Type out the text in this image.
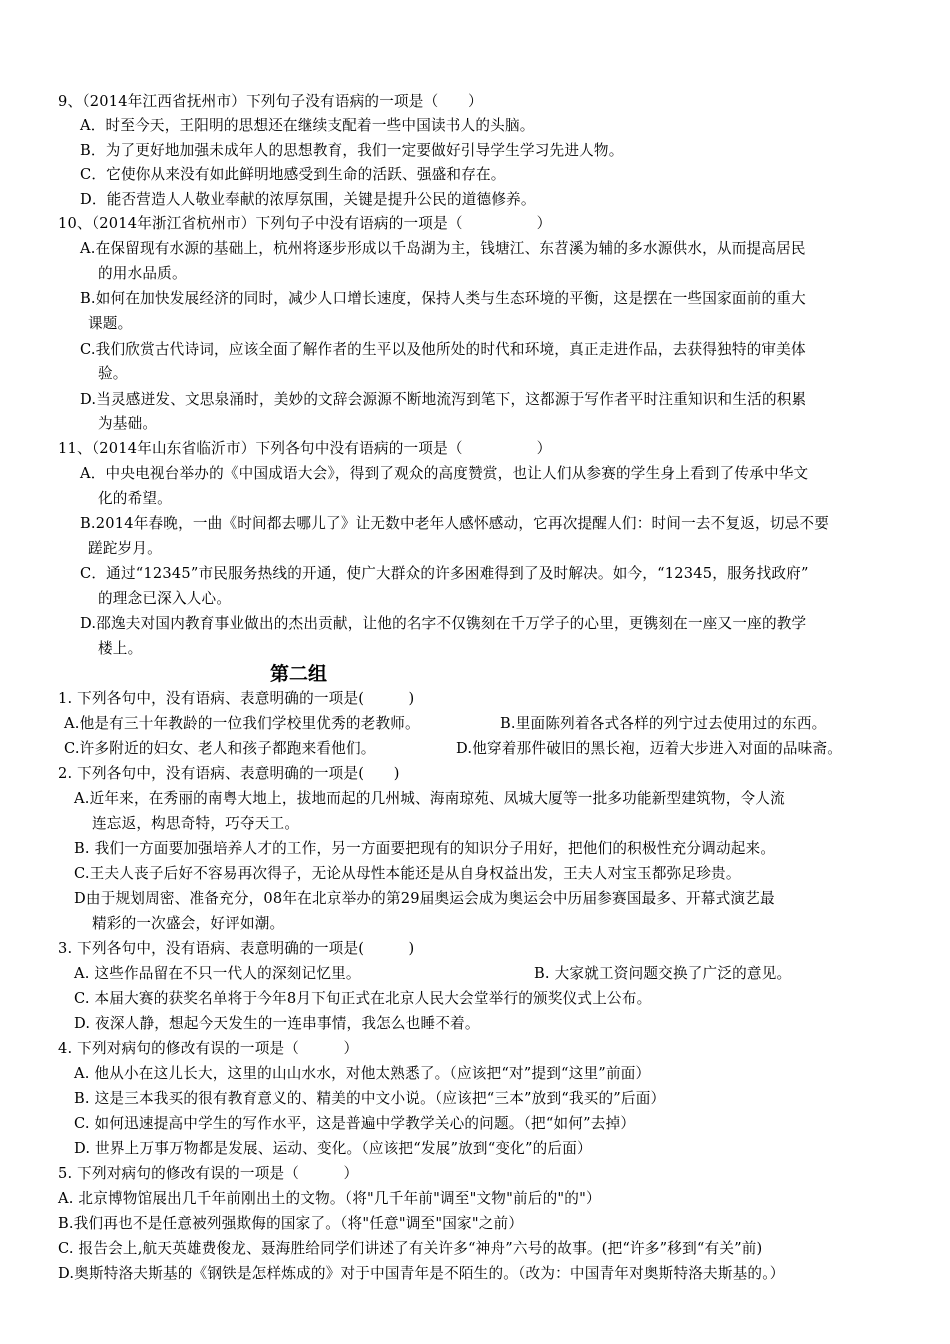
第二组
9、（2014年江西省抚州市）下列句子没有语病的一项是（　　）
A．时至今天，王阳明的思想还在继续支配着一些中国读书人的头脑。
B．为了更好地加强未成年人的思想教育，我们一定要做好引导学生学习先进人物。
C．它使你从来没有如此鲜明地感受到生命的活跃、强盛和存在。
D．能否营造人人敬业奉献的浓厚氛围，关键是提升公民的道德修养。
10、（2014年浙江省杭州市）下列句子中没有语病的一项是（　　　　　）
A.在保留现有水源的基础上，杭州将逐步形成以千岛湖为主，钱塘江、东苕溪为辅的多水源供水，从而提高居民
的用水品质。
B.如何在加快发展经济的同时，减少人口增长速度，保持人类与生态环境的平衡，这是摆在一些国家面前的重大
课题。
C.我们欣赏古代诗词，应该全面了解作者的生平以及他所处的时代和环境，真正走进作品，去获得独特的审美体
验。
D.当灵感迸发、文思泉涌时，美妙的文辞会源源不断地流泻到笔下，这都源于写作者平时注重知识和生活的积累
为基础。
11、（2014年山东省临沂市）下列各句中没有语病的一项是（　　　　　）
A．中央电视台举办的《中国成语大会》，得到了观众的高度赞赏，也让人们从参赛的学生身上看到了传承中华文
化的希望。
B.2014年春晚，一曲《时间都去哪儿了》让无数中老年人感怀感动，它再次提醒人们：时间一去不复返，切忌不要
蹉跎岁月。
C．通过“12345”市民服务热线的开通，使广大群众的许多困难得到了及时解决。如今，“12345，服务找政府”
的理念已深入人心。
D.邵逸夫对国内教育事业做出的杰出贡献，让他的名字不仅镌刻在千万学子的心里，更镌刻在一座又一座的教学
楼上。
1. 下列各句中，没有语病、表意明确的一项是(　　　)
A.他是有三十年教龄的一位我们学校里优秀的老教师。	B.里面陈列着各式各样的列宁过去使用过的东西。
C.许多附近的妇女、老人和孩子都跑来看他们。	D.他穿着那件破旧的黑长袍，迈着大步进入对面的品味斋。
2. 下列各句中，没有语病、表意明确的一项是(　　)
A.近年来，在秀丽的南粤大地上，拔地而起的几州城、海南琼苑、凤城大厦等一批多功能新型建筑物，令人流
连忘返，构思奇特，巧夺天工。
B. 我们一方面要加强培养人才的工作，另一方面要把现有的知识分子用好，把他们的积极性充分调动起来。
C.王夫人丧子后好不容易再次得子，无论从母性本能还是从自身权益出发，王夫人对宝玉都弥足珍贵。
D由于规划周密、准备充分，08年在北京举办的第29届奥运会成为奥运会中历届参赛国最多、开幕式演艺最
精彩的一次盛会，好评如潮。
3. 下列各句中，没有语病、表意明确的一项是(　　　)
A. 这些作品留在不只一代人的深刻记忆里。	B. 大家就工资问题交换了广泛的意见。
C. 本届大赛的获奖名单将于今年8月下旬正式在北京人民大会堂举行的颁奖仪式上公布。
D. 夜深人静，想起今天发生的一连串事情，我怎么也睡不着。
4. 下列对病句的修改有误的一项是（　　　）
A. 他从小在这儿长大，这里的山山水水，对他太熟悉了。（应该把“对”提到“这里”前面）
B. 这是三本我买的很有教育意义的、精美的中文小说。（应该把“三本”放到“我买的”后面）
C. 如何迅速提高中学生的写作水平，这是普遍中学教学关心的问题。（把“如何”去掉）
D. 世界上万事万物都是发展、运动、变化。（应该把“发展”放到“变化”的后面）
5. 下列对病句的修改有误的一项是（　　　）
A. 北京博物馆展出几千年前刚出土的文物。（将"几千年前"调至"文物"前后的"的"）
B.我们再也不是任意被列强欺侮的国家了。（将"任意"调至"国家"之前）
C. 报告会上,航天英雄费俊龙、聂海胜给同学们讲述了有关许多“神舟”六号的故事。(把“许多”移到“有关”前)
D.奥斯特洛夫斯基的《钢铁是怎样炼成的》对于中国青年是不陌生的。（改为：中国青年对奥斯特洛夫斯基的。）
